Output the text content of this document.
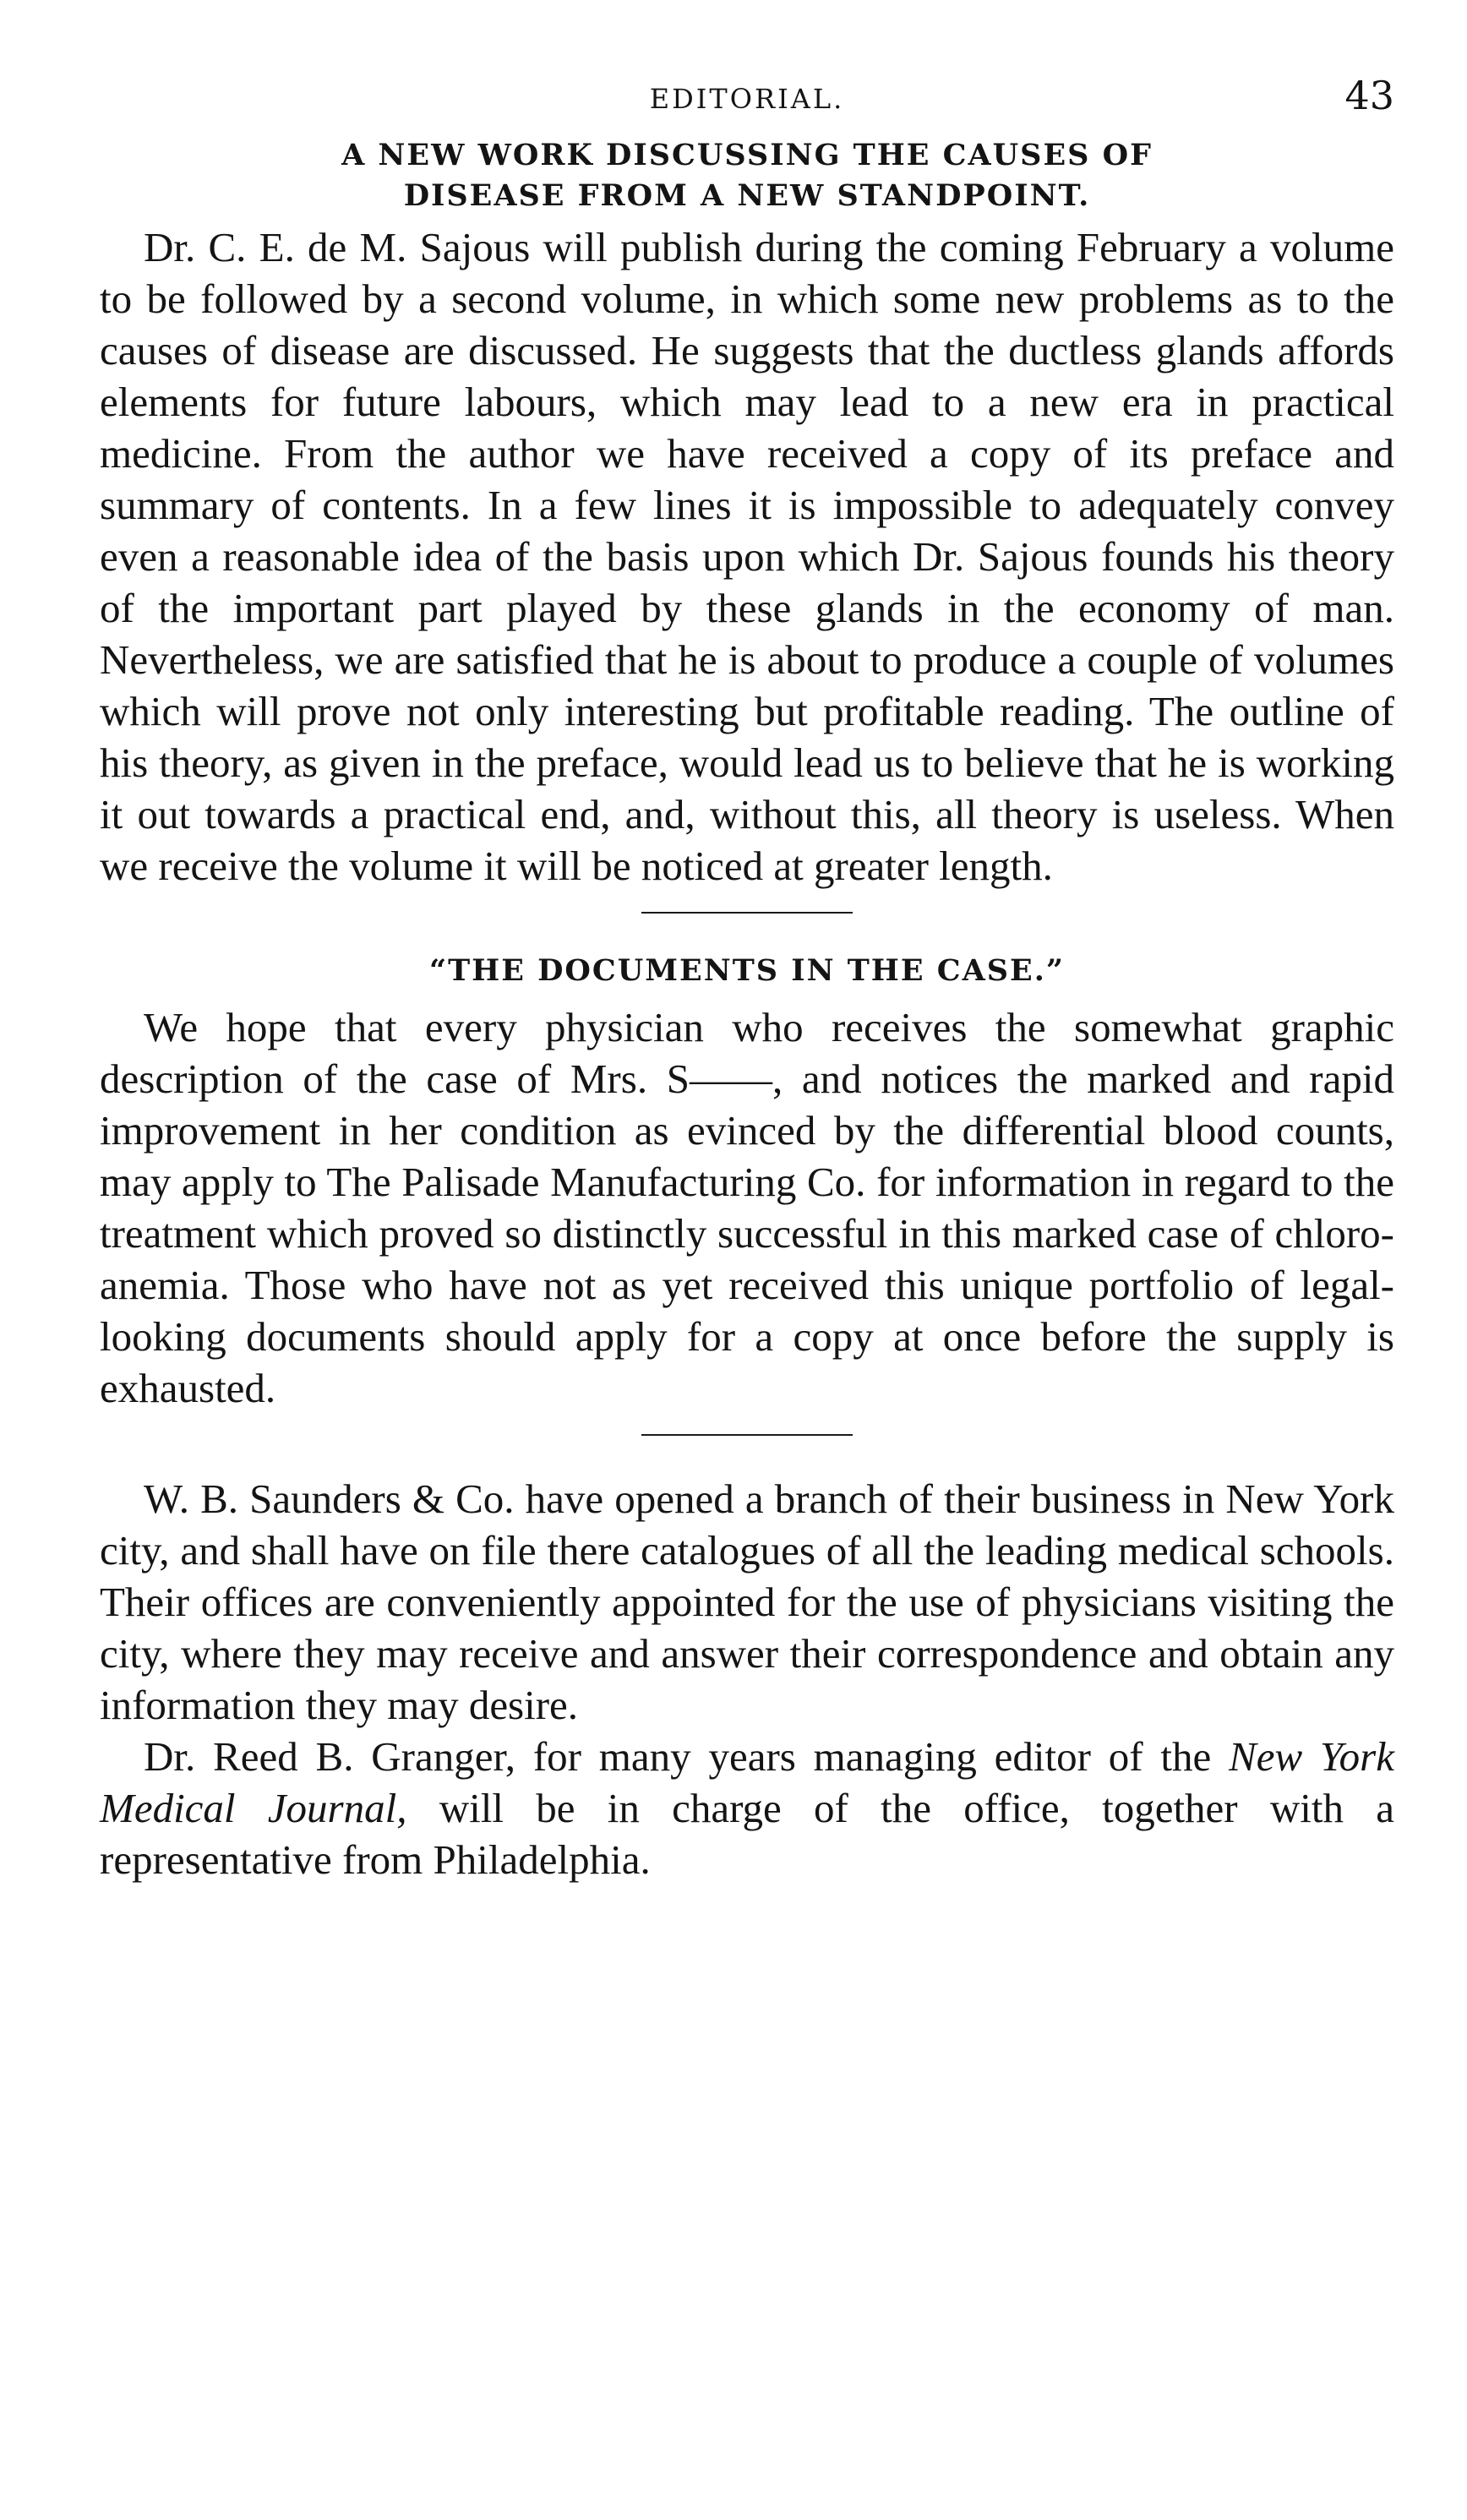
EDITORIAL.	43
A NEW WORK DISCUSSING THE CAUSES OF
DISEASE FROM A NEW STANDPOINT.

Dr. C. E. de M. Sajous will publish during the coming February a volume to be followed by a second volume, in which some new problems as to the causes of disease are discussed. He suggests that the ductless glands affords elements for future labours, which may lead to a new era in practical medicine. From the author we have received a copy of its preface and summary of contents. In a few lines it is impossible to adequately convey even a reasonable idea of the basis upon which Dr. Sajous founds his theory of the important part played by these glands in the economy of man. Nevertheless, we are satisfied that he is about to produce a couple of volumes which will prove not only interesting but profitable reading. The outline of his theory, as given in the preface, would lead us to believe that he is working it out towards a practical end, and, without this, all theory is useless. When we receive the volume it will be noticed at greater length.

“THE DOCUMENTS IN THE CASE.”

We hope that every physician who receives the somewhat graphic description of the case of Mrs. S——, and notices the marked and rapid improvement in her condition as evinced by the differential blood counts, may apply to The Palisade Manufacturing Co. for information in regard to the treatment which proved so distinctly successful in this marked case of chloro-anemia. Those who have not as yet received this unique portfolio of legal-looking documents should apply for a copy at once before the supply is exhausted.

W. B. Saunders & Co. have opened a branch of their business in New York city, and shall have on file there catalogues of all the leading medical schools. Their offices are conveniently appointed for the use of physicians visiting the city, where they may receive and answer their correspondence and obtain any information they may desire.

Dr. Reed B. Granger, for many years managing editor of the New York Medical Journal, will be in charge of the office, together with a representative from Philadelphia.
